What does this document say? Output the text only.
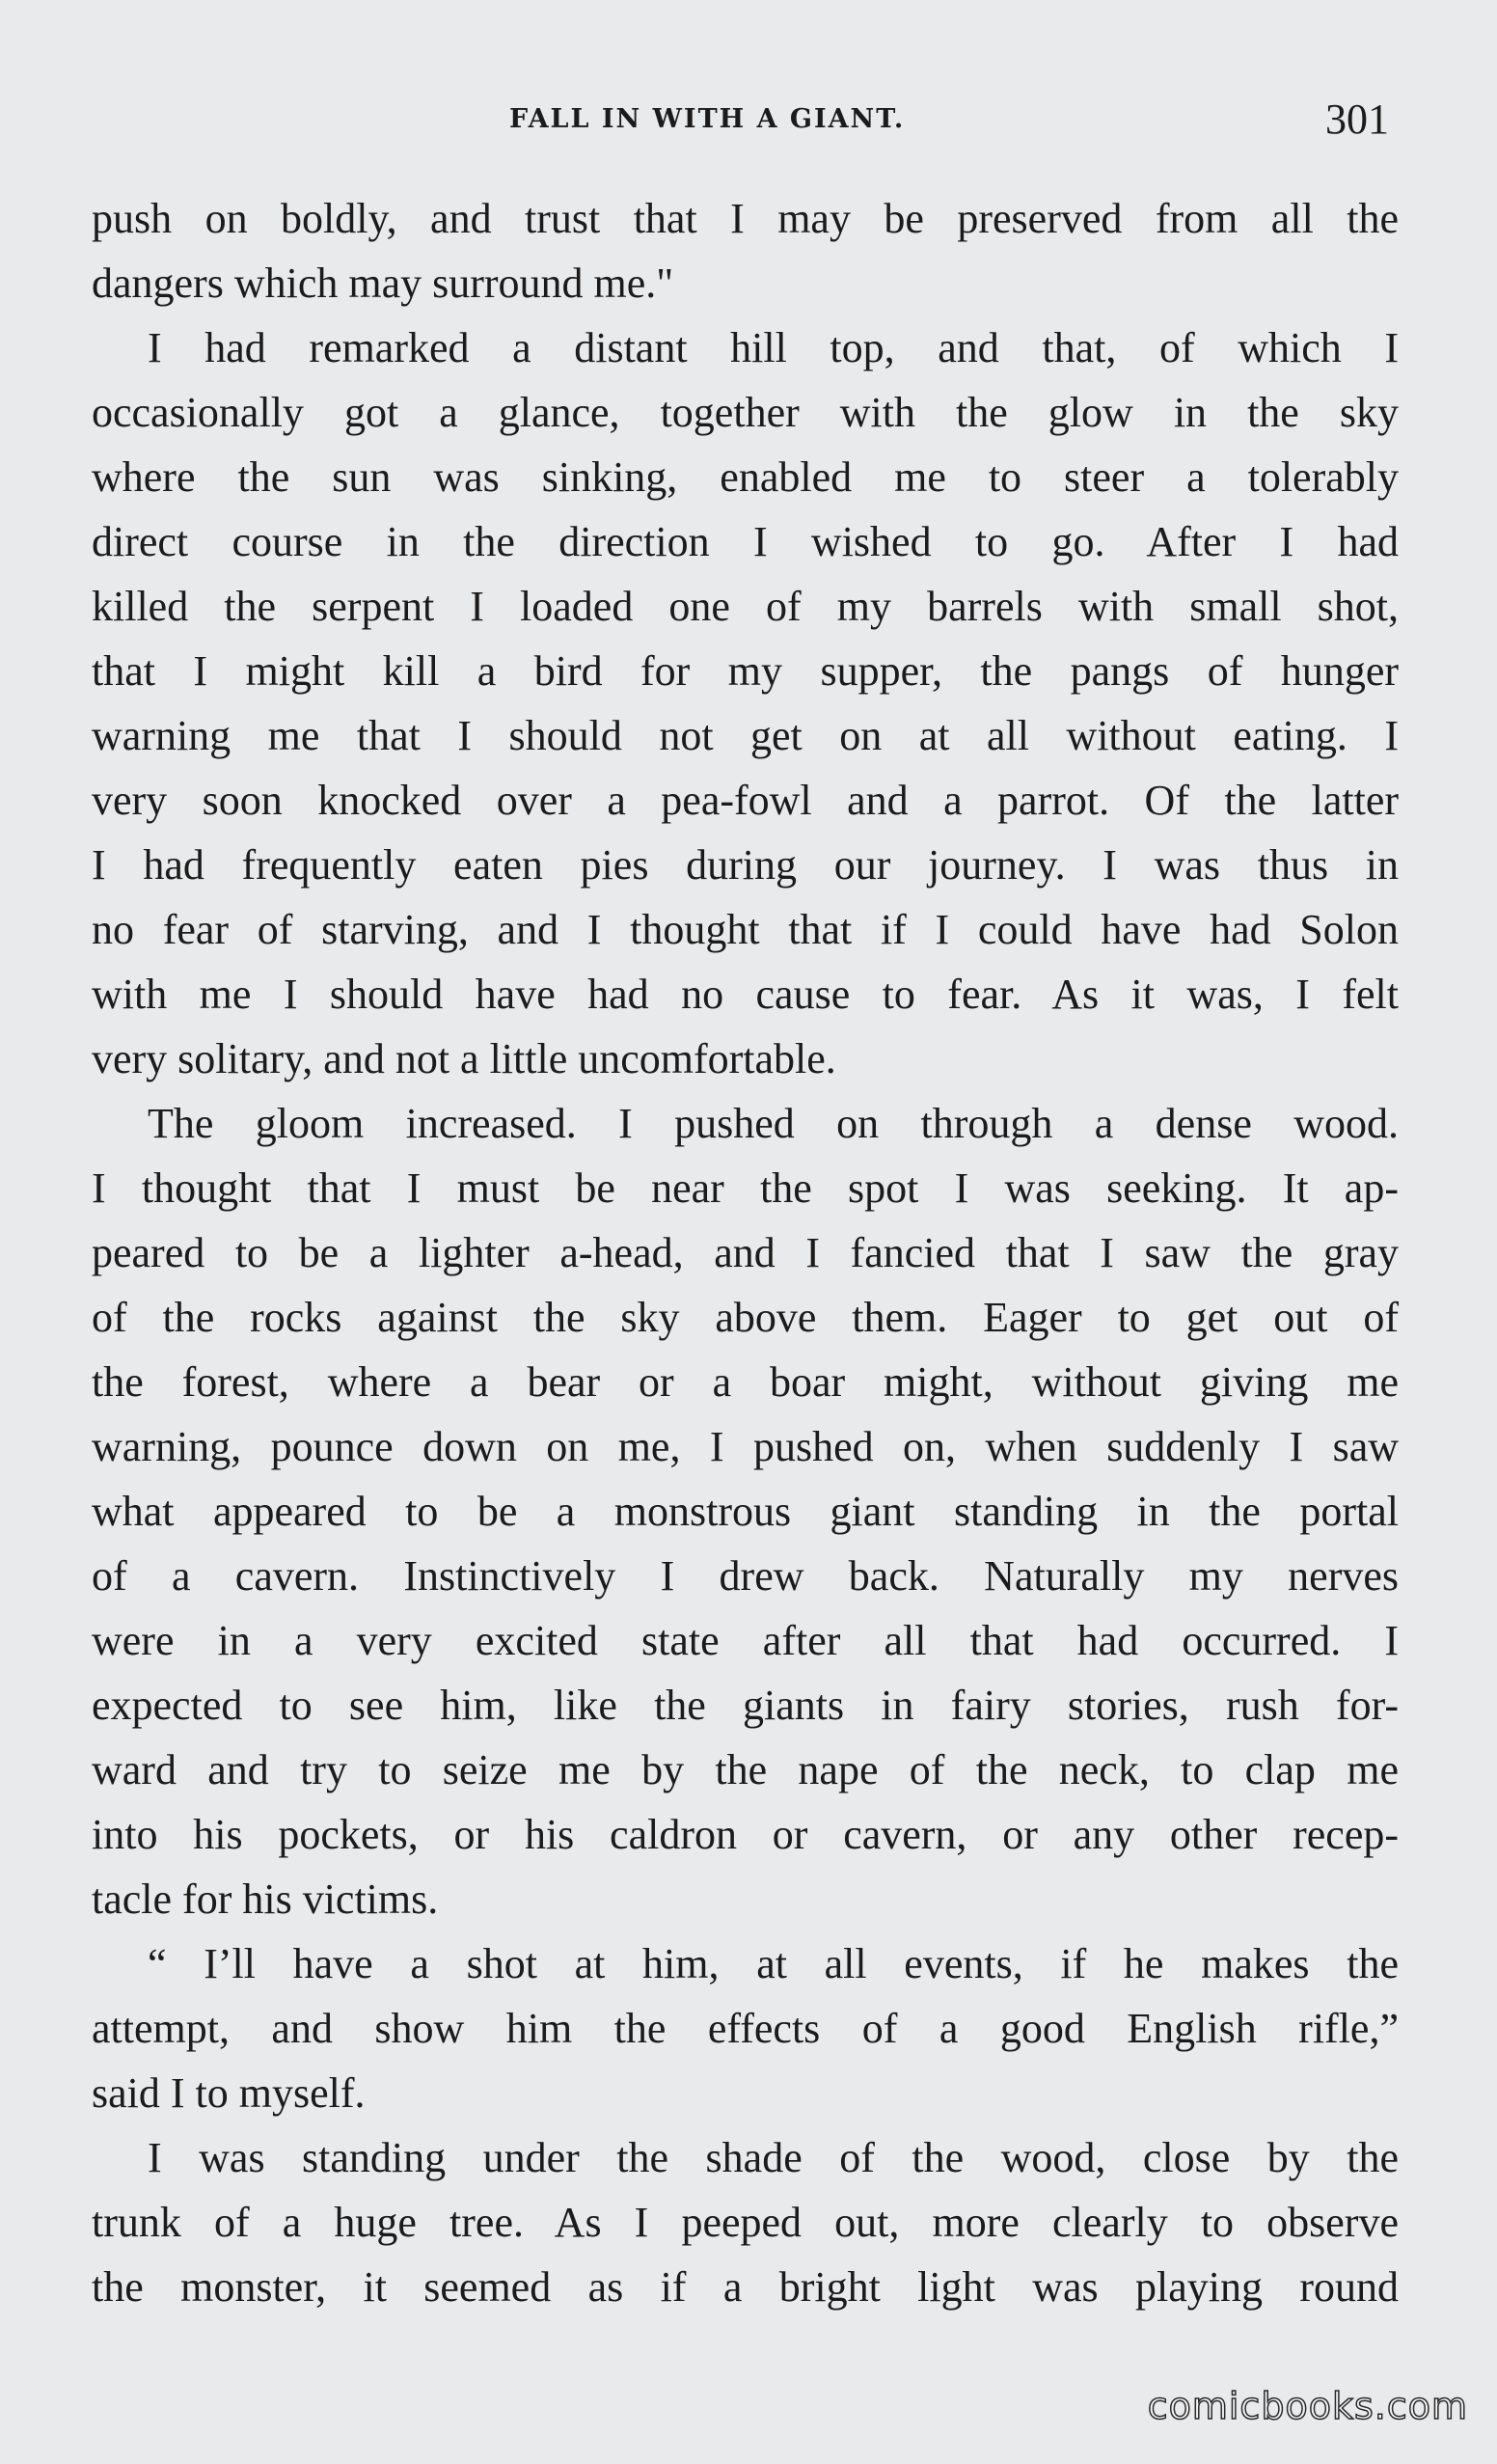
FALL IN WITH A GIANT.	301
push on boldly, and trust that I may be preserved from all the
dangers which may surround me."
I had remarked a distant hill top, and that, of which I
occasionally got a glance, together with the glow in the sky
where the sun was sinking, enabled me to steer a tolerably
direct course in the direction I wished to go. After I had
killed the serpent I loaded one of my barrels with small shot,
that I might kill a bird for my supper, the pangs of hunger
warning me that I should not get on at all without eating. I
very soon knocked over a pea-fowl and a parrot. Of the latter
I had frequently eaten pies during our journey. I was thus in
no fear of starving, and I thought that if I could have had Solon
with me I should have had no cause to fear. As it was, I felt
very solitary, and not a little uncomfortable.
The gloom increased. I pushed on through a dense wood.
I thought that I must be near the spot I was seeking. It ap-
peared to be a lighter a-head, and I fancied that I saw the gray
of the rocks against the sky above them. Eager to get out of
the forest, where a bear or a boar might, without giving me
warning, pounce down on me, I pushed on, when suddenly I saw
what appeared to be a monstrous giant standing in the portal
of a cavern. Instinctively I drew back. Naturally my nerves
were in a very excited state after all that had occurred. I
expected to see him, like the giants in fairy stories, rush for-
ward and try to seize me by the nape of the neck, to clap me
into his pockets, or his caldron or cavern, or any other recep-
tacle for his victims.
“ I’ll have a shot at him, at all events, if he makes the
attempt, and show him the effects of a good English rifle,”
said I to myself.
I was standing under the shade of the wood, close by the
trunk of a huge tree. As I peeped out, more clearly to observe
the monster, it seemed as if a bright light was playing round
comicbooks.com
